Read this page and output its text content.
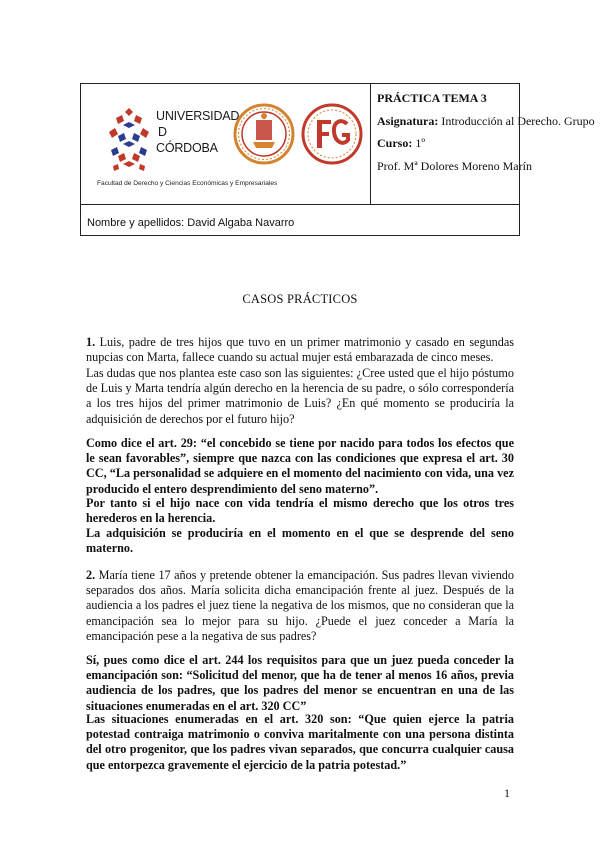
UNIVERSIDAD
D
CÓRDOBA
Facultad de Derecho y Ciencias Económicas y Empresariales
PRÁCTICA TEMA 3
Asignatura: Introducción al Derecho. Grupo
Curso: 1º
Prof. Mª Dolores Moreno Marín
Nombre y apellidos: David Algaba Navarro
CASOS PRÁCTICOS

1. Luis, padre de tres hijos que tuvo en un primer matrimonio y casado en segundas nupcias con Marta, fallece cuando su actual mujer está embarazada de cinco meses.

Las dudas que nos plantea este caso son las siguientes: ¿Cree usted que el hijo póstumo de Luis y Marta tendría algún derecho en la herencia de su padre, o sólo correspondería a los tres hijos del primer matrimonio de Luis? ¿En qué momento se produciría la adquisición de derechos por el futuro hijo?

Como dice el art. 29: “el concebido se tiene por nacido para todos los efectos que le sean favorables”, siempre que nazca con las condiciones que expresa el art. 30 CC, “La personalidad se adquiere en el momento del nacimiento con vida, una vez producido el entero desprendimiento del seno materno”.

Por tanto si el hijo nace con vida tendría el mismo derecho que los otros tres herederos en la herencia.

La adquisición se produciría en el momento en el que se desprende del seno materno.

2. María tiene 17 años y pretende obtener la emancipación. Sus padres llevan viviendo separados dos años. María solicita dicha emancipación frente al juez. Después de la audiencia a los padres el juez tiene la negativa de los mismos, que no consideran que la emancipación sea lo mejor para su hijo. ¿Puede el juez conceder a María la emancipación pese a la negativa de sus padres?

Sí, pues como dice el art. 244 los requisitos para que un juez pueda conceder la emancipación son: “Solicitud del menor, que ha de tener al menos 16 años, previa audiencia de los padres, que los padres del menor se encuentran en una de las situaciones enumeradas en el art. 320 CC”

Las situaciones enumeradas en el art. 320 son: “Que quien ejerce la patria potestad contraiga matrimonio o conviva maritalmente con una persona distinta del otro progenitor, que los padres vivan separados, que concurra cualquier causa que entorpezca gravemente el ejercicio de la patria potestad.”

1
